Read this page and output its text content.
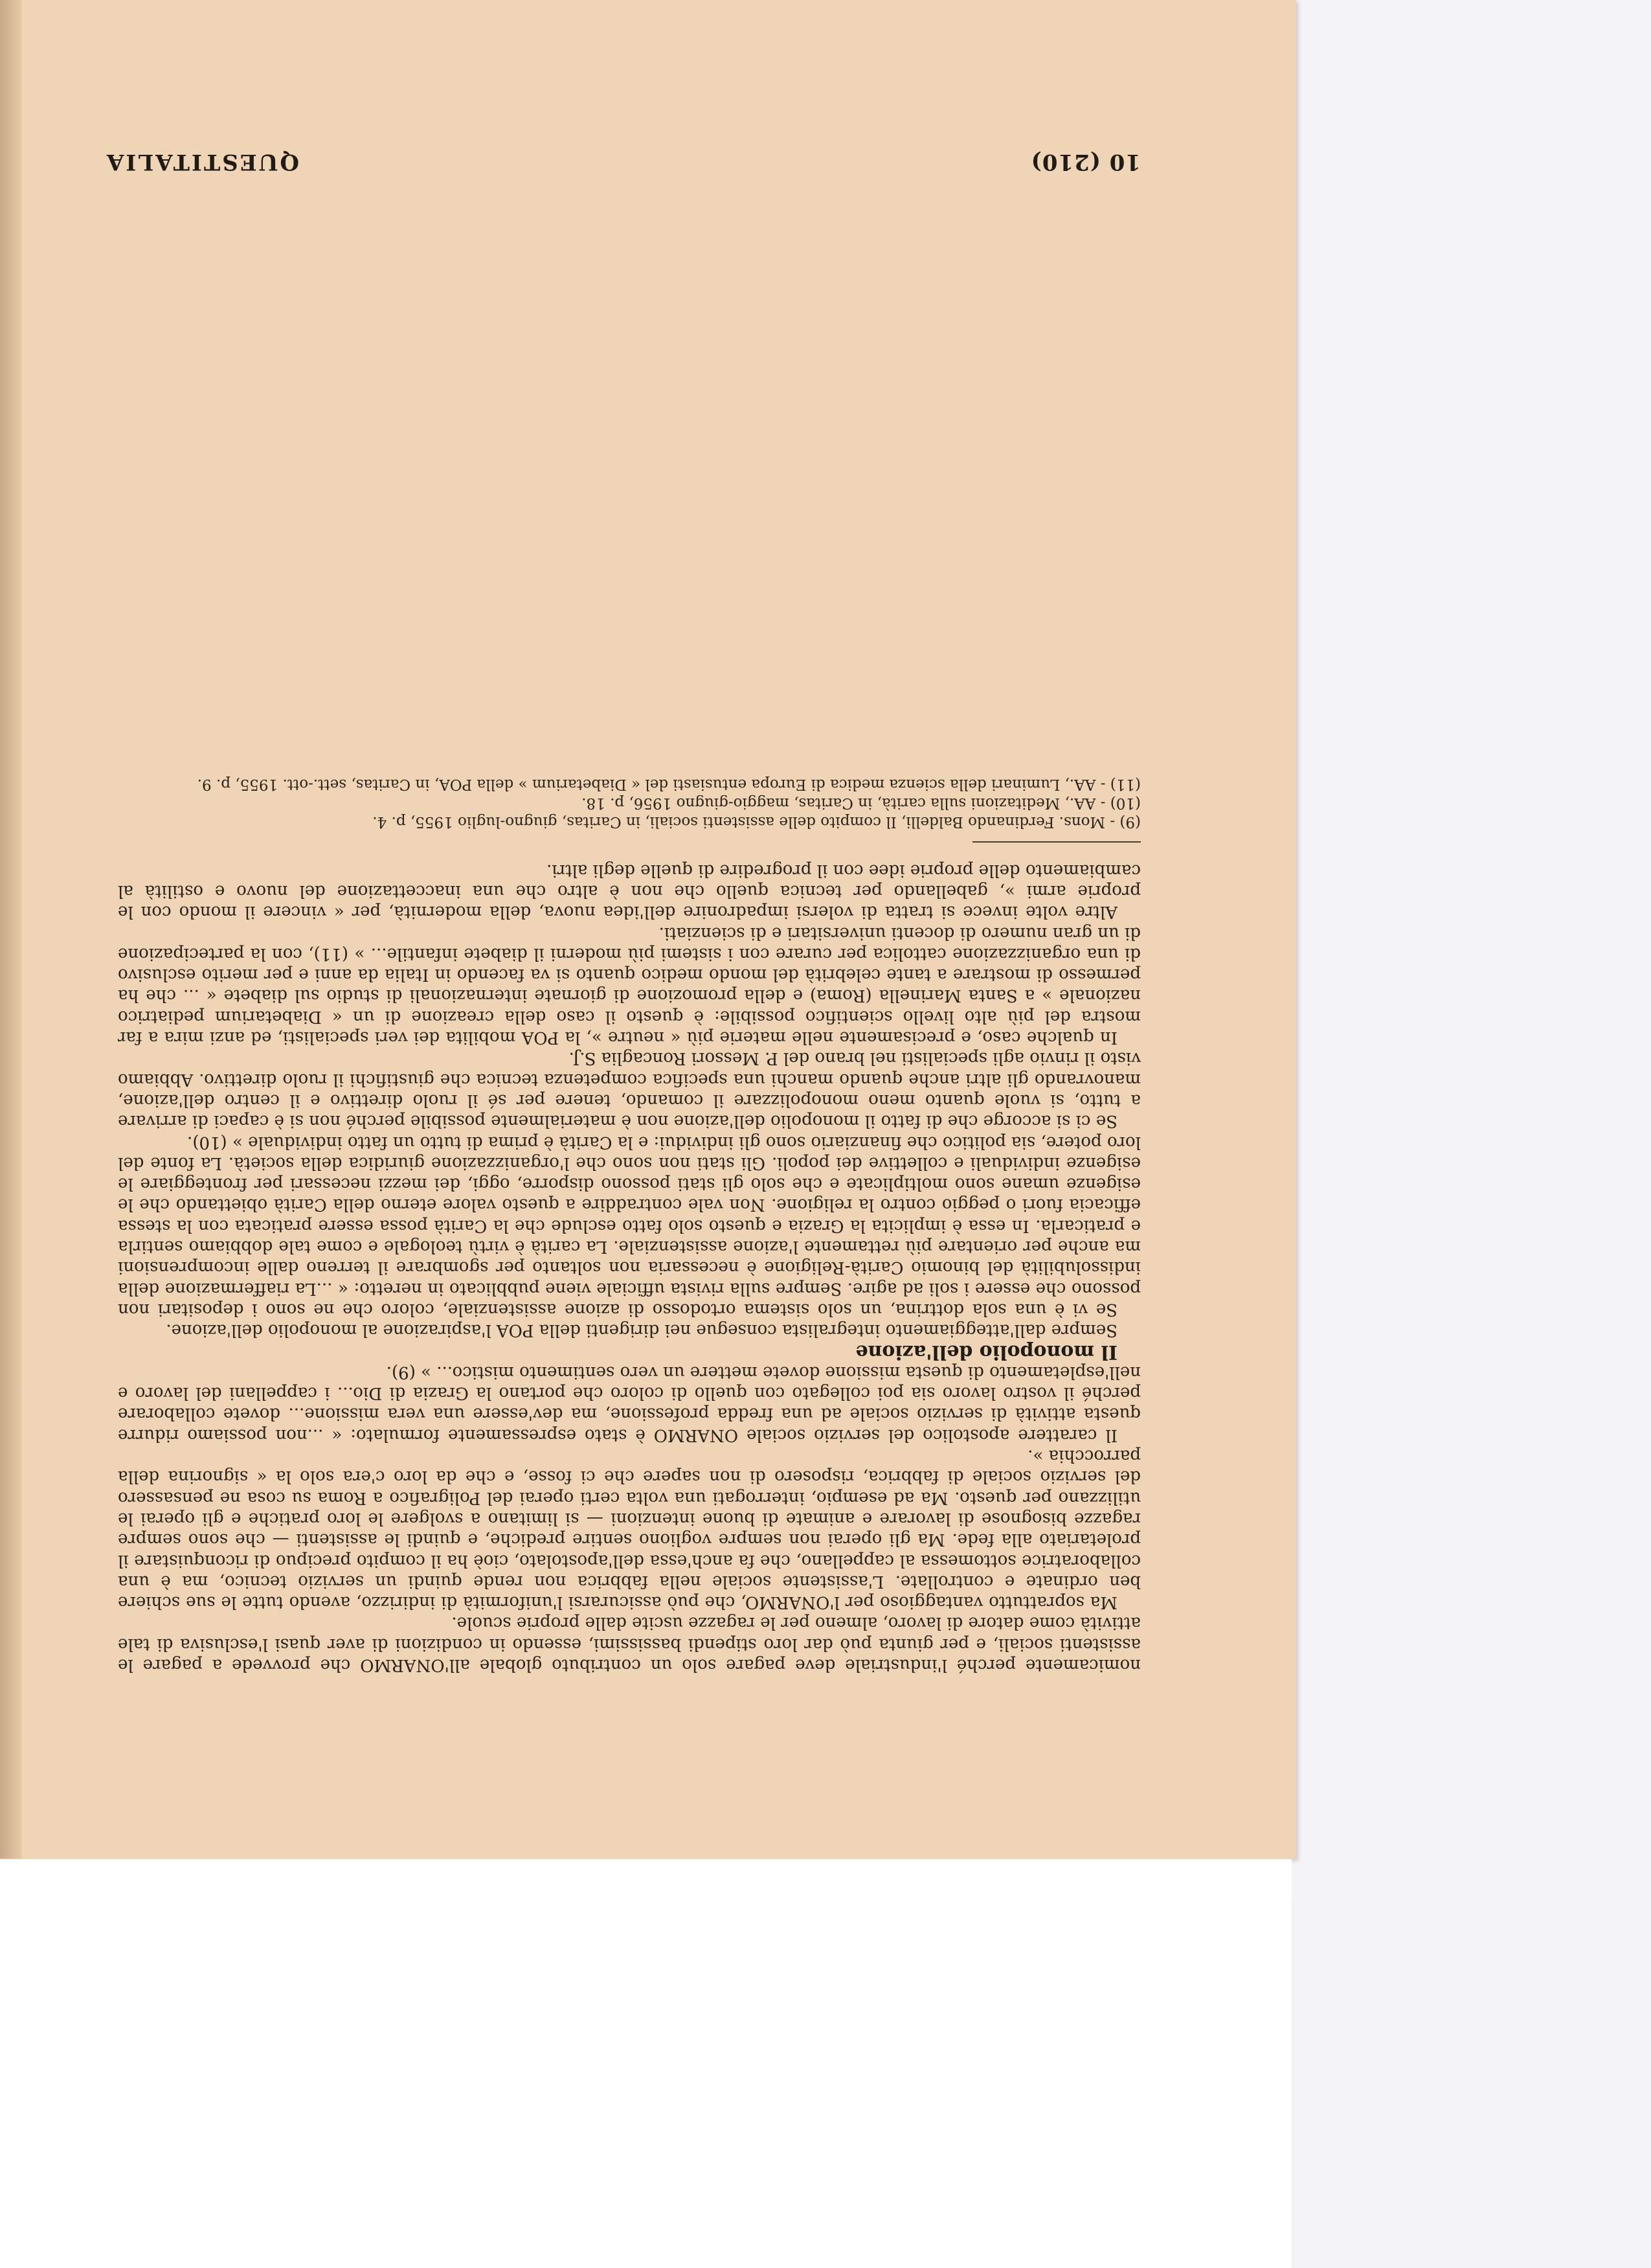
10 (210)
QUESTITALIA

nomicamente perché l'industriale deve pagare solo un contributo globale all'ONARMO che provvede a pagare le assistenti sociali, e per giunta può dar loro stipendi bassissimi, essendo in condizioni di aver quasi l'esclusiva di tale attività come datore di lavoro, almeno per le ragazze uscite dalle proprie scuole.

Ma soprattutto vantaggioso per l'ONARMO, che può assicurarsi l'uniformità di indirizzo, avendo tutte le sue schiere ben ordinate e controllate. L'assistente sociale nella fabbrica non rende quindi un servizio tecnico, ma è una collaboratrice sottomessa al cappellano, che fa anch'essa dell'apostolato, cioè ha il compito precipuo di riconquistare il proletariato alla fede. Ma gli operai non sempre vogliono sentire prediche, e quindi le assistenti — che sono sempre ragazze bisognose di lavorare e animate di buone intenzioni — si limitano a svolgere le loro pratiche e gli operai le utilizzano per questo. Ma ad esempio, interrogati una volta certi operai del Poligrafico a Roma su cosa ne pensassero del servizio sociale di fabbrica, risposero di non sapere che ci fosse, e che da loro c'era solo la « signorina della parrocchia ».

Il carattere apostolico del servizio sociale ONARMO è stato espressamente formulato: « ...non possiamo ridurre questa attività di servizio sociale ad una fredda professione, ma dev'essere una vera missione... dovete collaborare perché il vostro lavoro sia poi collegato con quello di coloro che portano la Grazia di Dio... i cappellani del lavoro e nell'espletamento di questa missione dovete mettere un vero sentimento mistico... » (9).

Il monopolio dell'azione

Sempre dall'atteggiamento integralista consegue nei dirigenti della POA l'aspirazione al monopolio dell'azione.

Se vi è una sola dottrina, un solo sistema ortodosso di azione assistenziale, coloro che ne sono i depositari non possono che essere i soli ad agire. Sempre sulla rivista ufficiale viene pubblicato in neretto: « ...La riaffermazione della indissolubilità del binomio Carità-Religione è necessaria non soltanto per sgombrare il terreno dalle incomprensioni ma anche per orientare più rettamente l'azione assistenziale. La carità è virtù teologale e come tale dobbiamo sentirla e praticarla. In essa è implicita la Grazia e questo solo fatto esclude che la Carità possa essere praticata con la stessa efficacia fuori o peggio contro la religione. Non vale contraddire a questo valore eterno della Carità obiettando che le esigenze umane sono moltiplicate e che solo gli stati possono disporre, oggi, dei mezzi necessari per fronteggiare le esigenze individuali e collettive dei popoli. Gli stati non sono che l'organizzazione giuridica della società. La fonte del loro potere, sia politico che finanziario sono gli individui: e la Carità è prima di tutto un fatto individuale » (10).

Se ci si accorge che di fatto il monopolio dell'azione non è materialmente possibile perché non si è capaci di arrivare a tutto, si vuole quanto meno monopolizzare il comando, tenere per sé il ruolo direttivo e il centro dell'azione, manovrando gli altri anche quando manchi una specifica competenza tecnica che giustifichi il ruolo direttivo. Abbiamo visto il rinvio agli specialisti nel brano del P. Messori Roncaglia S.J.

In qualche caso, e precisamente nelle materie più « neutre », la POA mobilita dei veri specialisti, ed anzi mira a far mostra del più alto livello scientifico possibile: è questo il caso della creazione di un « Diabetarium pediatrico nazionale » a Santa Marinella (Roma) e della promozione di giornate internazionali di studio sul diabete « ... che ha permesso di mostrare a tante celebrità del mondo medico quanto si va facendo in Italia da anni e per merito esclusivo di una organizzazione cattolica per curare con i sistemi più moderni il diabete infantile... » (11), con la partecipazione di un gran numero di docenti universitari e di scienziati.

Altre volte invece si tratta di volersi impadronire dell'idea nuova, della modernità, per « vincere il mondo con le proprie armi », gabellando per tecnica quello che non è altro che una inaccettazione del nuovo e ostilità al cambiamento delle proprie idee con il progredire di quelle degli altri.

(9) - Mons. Ferdinando Baldelli, Il compito delle assistenti sociali, in Caritas, giugno-luglio 1955, p. 4.

(10) - AA., Meditazioni sulla carità, in Caritas, maggio-giugno 1956, p. 18.

(11) - AA., Luminari della scienza medica di Europa entusiasti del « Diabetarium » della POA, in Caritas, sett.-ott. 1955, p. 9.
